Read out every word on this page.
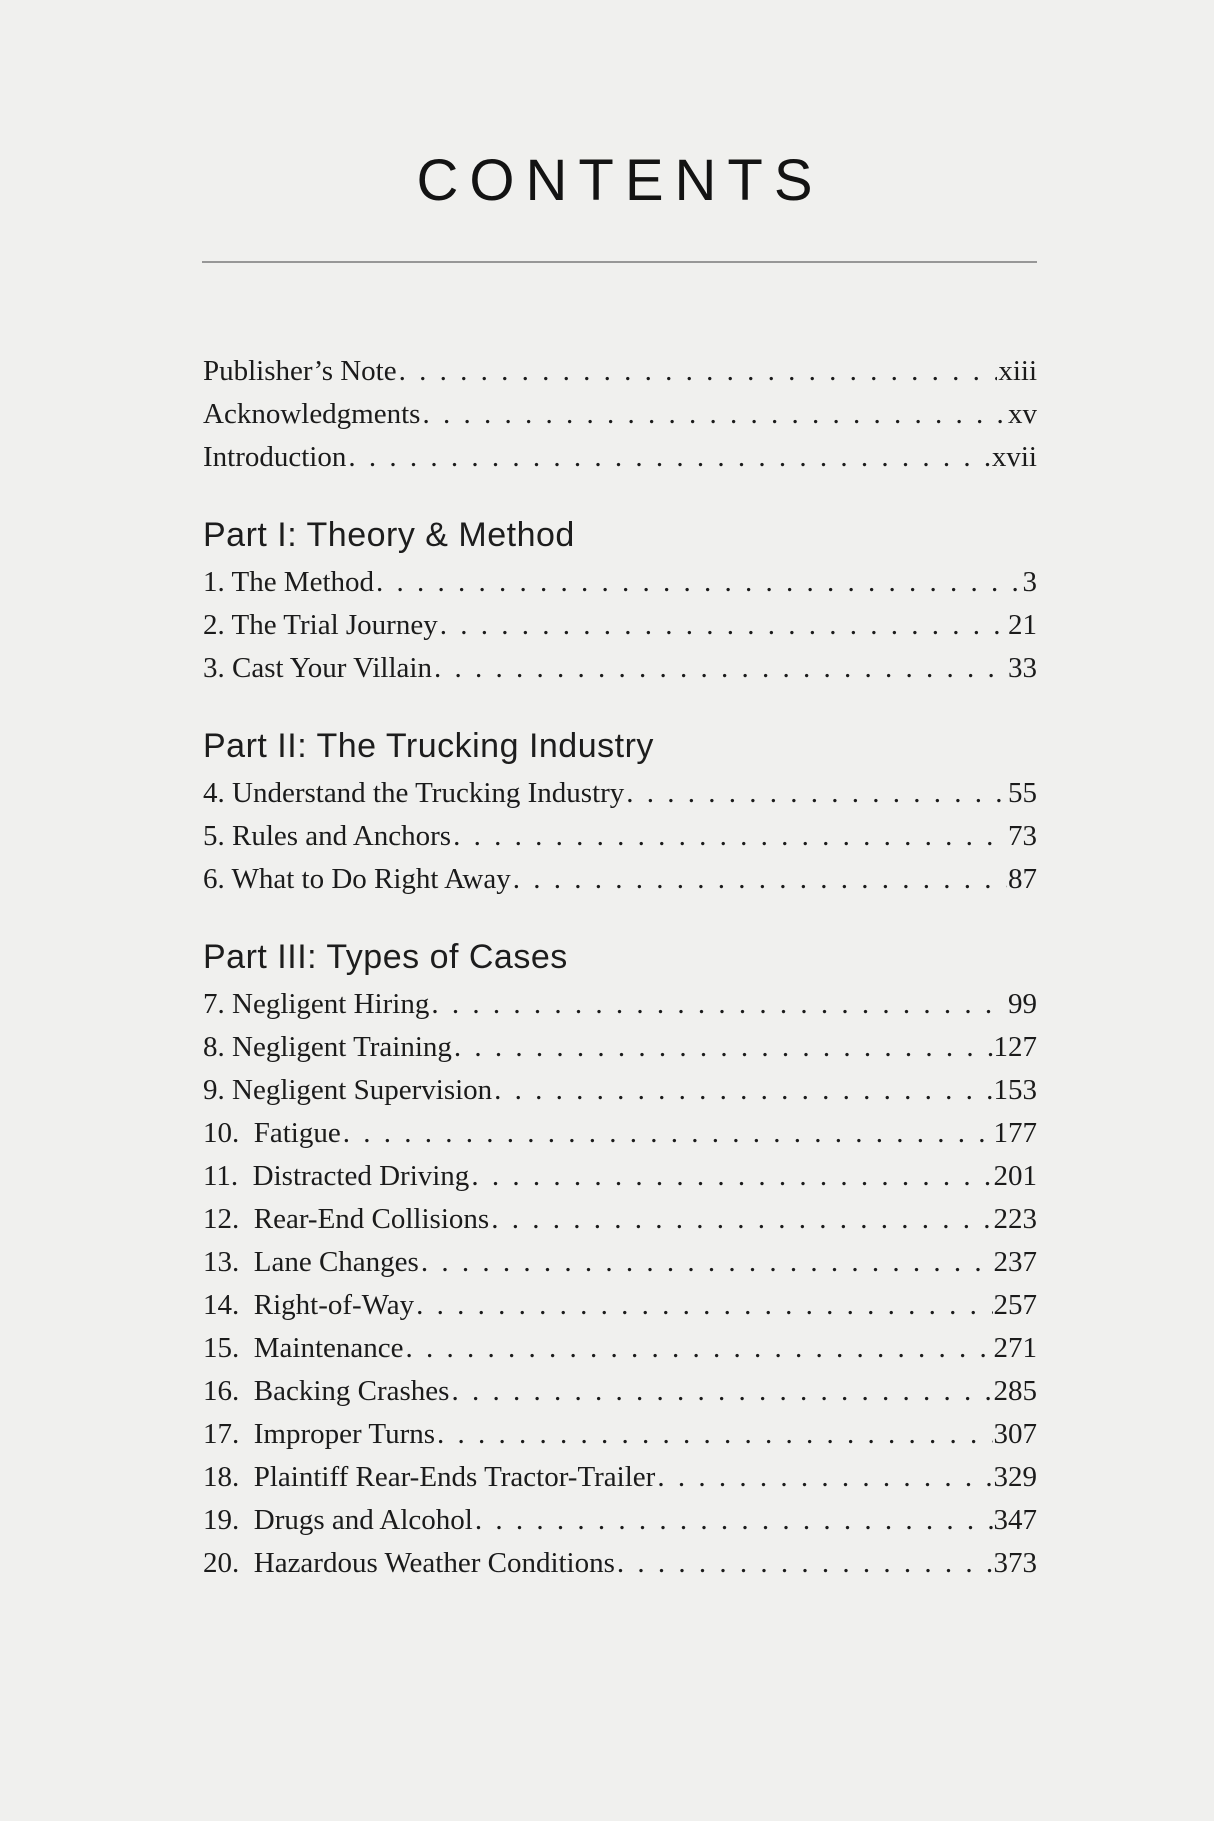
CONTENTS
Publisher’s Note . . .	xiii
Acknowledgments . . .	xv
Introduction . . .	xvii
Part I: Theory & Method
1. The Method . . .	3
2. The Trial Journey . . .	21
3. Cast Your Villain . . .	33
Part II: The Trucking Industry
4. Understand the Trucking Industry . . .	55
5. Rules and Anchors . . .	73
6. What to Do Right Away . . .	87
Part III: Types of Cases
7. Negligent Hiring . . .	99
8. Negligent Training . . .	127
9. Negligent Supervision . . .	153
10.  Fatigue . . .	177
11.  Distracted Driving . . .	201
12.  Rear-End Collisions . . .	223
13.  Lane Changes . . .	237
14.  Right-of-Way . . .	257
15.  Maintenance . . .	271
16.  Backing Crashes . . .	285
17.  Improper Turns . . .	307
18.  Plaintiff Rear-Ends Tractor-Trailer . . .	329
19.  Drugs and Alcohol . . .	347
20.  Hazardous Weather Conditions . . .	373
